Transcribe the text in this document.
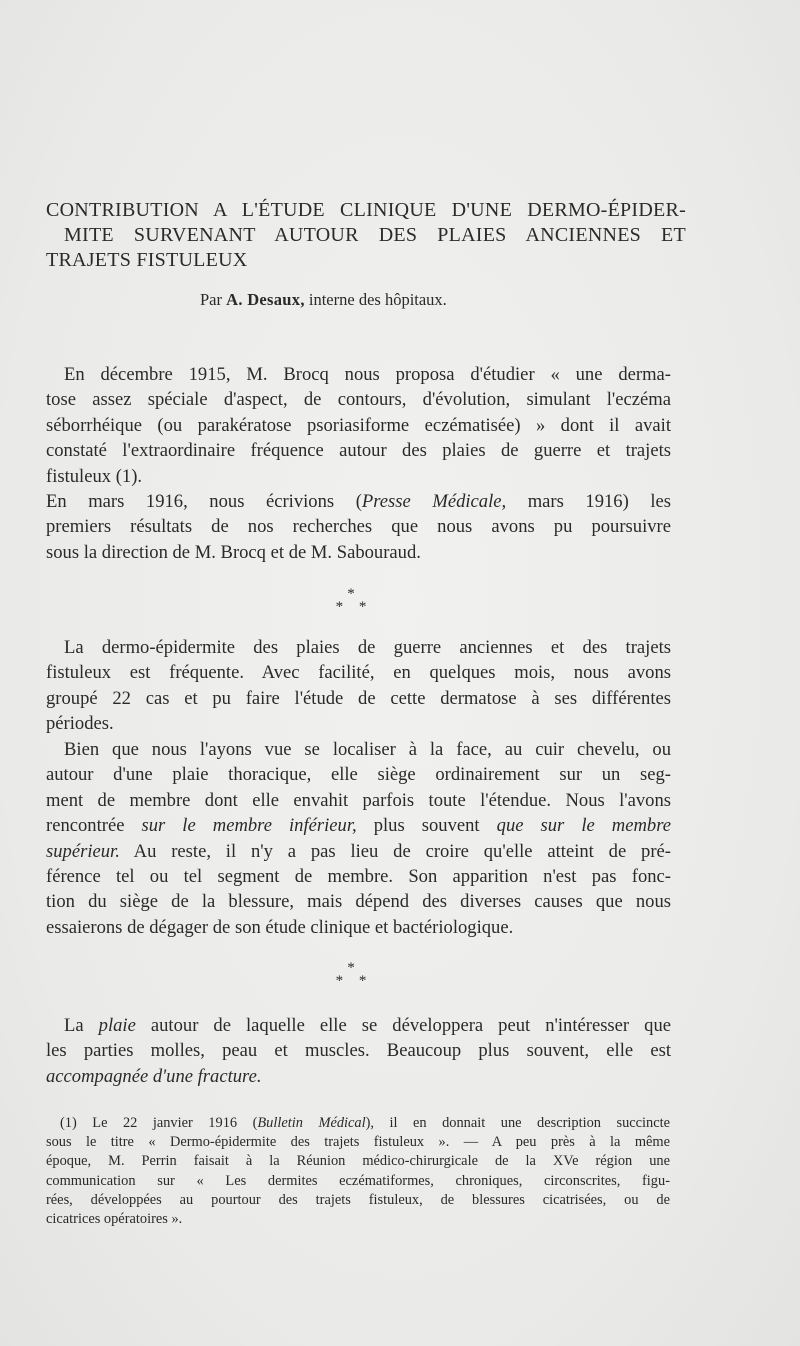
CONTRIBUTION A L'ÉTUDE CLINIQUE D'UNE DERMO-ÉPIDER-
MITE SURVENANT AUTOUR DES PLAIES ANCIENNES ET
TRAJETS FISTULEUX
Par A. Desaux, interne des hôpitaux.
En décembre 1915, M. Brocq nous proposa d'étudier « une derma-
tose assez spéciale d'aspect, de contours, d'évolution, simulant l'eczéma
séborrhéique (ou parakératose psoriasiforme eczématisée) » dont il avait
constaté l'extraordinaire fréquence autour des plaies de guerre et trajets
fistuleux (1).
En mars 1916, nous écrivions (Presse Médicale, mars 1916) les
premiers résultats de nos recherches que nous avons pu poursuivre
sous la direction de M. Brocq et de M. Sabouraud.
*
* *
La dermo-épidermite des plaies de guerre anciennes et des trajets
fistuleux est fréquente. Avec facilité, en quelques mois, nous avons
groupé 22 cas et pu faire l'étude de cette dermatose à ses différentes
périodes.
Bien que nous l'ayons vue se localiser à la face, au cuir chevelu, ou
autour d'une plaie thoracique, elle siège ordinairement sur un seg-
ment de membre dont elle envahit parfois toute l'étendue. Nous l'avons
rencontrée sur le membre inférieur, plus souvent que sur le membre
supérieur. Au reste, il n'y a pas lieu de croire qu'elle atteint de pré-
férence tel ou tel segment de membre. Son apparition n'est pas fonc-
tion du siège de la blessure, mais dépend des diverses causes que nous
essaierons de dégager de son étude clinique et bactériologique.
*
* *
La plaie autour de laquelle elle se développera peut n'intéresser que
les parties molles, peau et muscles. Beaucoup plus souvent, elle est
accompagnée d'une fracture.
(1) Le 22 janvier 1916 (Bulletin Médical), il en donnait une description succincte
sous le titre « Dermo-épidermite des trajets fistuleux ». — A peu près à la même
époque, M. Perrin faisait à la Réunion médico-chirurgicale de la XVe région une
communication sur « Les dermites eczématiformes, chroniques, circonscrites, figu-
rées, développées au pourtour des trajets fistuleux, de blessures cicatrisées, ou de
cicatrices opératoires ».
